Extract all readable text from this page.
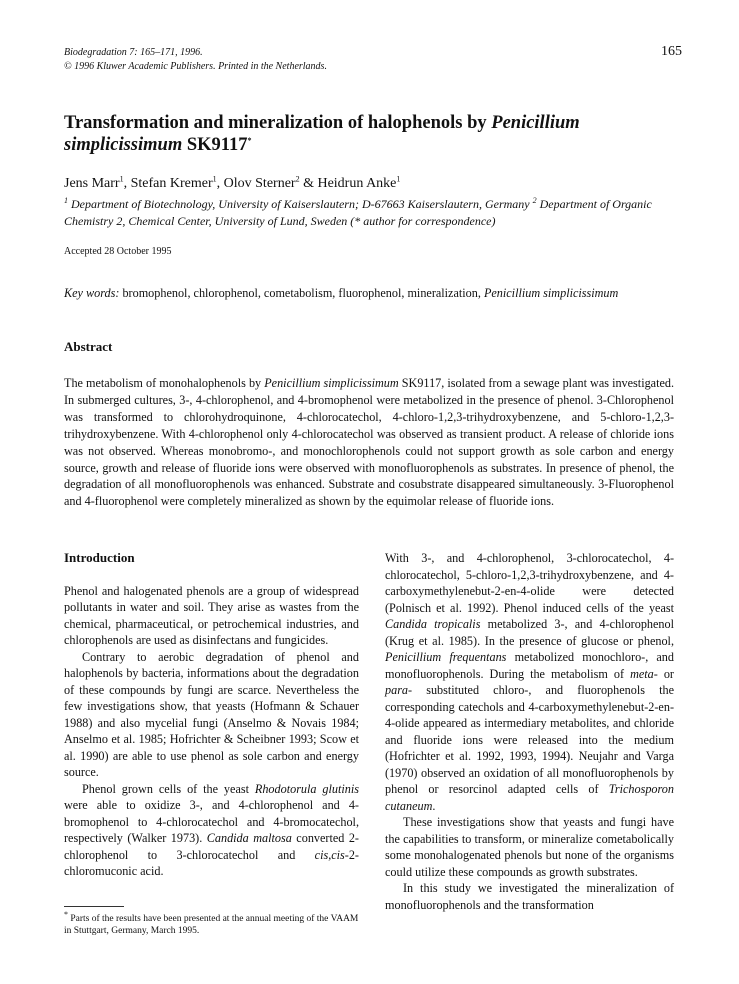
Biodegradation 7: 165–171, 1996.
© 1996 Kluwer Academic Publishers. Printed in the Netherlands.
165
Transformation and mineralization of halophenols by Penicillium simplicissimum SK9117*
Jens Marr$^1$, Stefan Kremer$^1$, Olov Sterner$^2$ & Heidrun Anke$^1$
$^1$ Department of Biotechnology, University of Kaiserslautern; D-67663 Kaiserslautern, Germany $^2$ Department of Organic Chemistry 2, Chemical Center, University of Lund, Sweden (* author for correspondence)
Accepted 28 October 1995
Key words: bromophenol, chlorophenol, cometabolism, fluorophenol, mineralization, Penicillium simplicissimum
Abstract
The metabolism of monohalophenols by Penicillium simplicissimum SK9117, isolated from a sewage plant was investigated. In submerged cultures, 3-, 4-chlorophenol, and 4-bromophenol were metabolized in the presence of phenol. 3-Chlorophenol was transformed to chlorohydroquinone, 4-chlorocatechol, 4-chloro-1,2,3-trihydroxybenzene, and 5-chloro-1,2,3-trihydroxybenzene. With 4-chlorophenol only 4-chlorocatechol was observed as transient product. A release of chloride ions was not observed. Whereas monobromo-, and monochlorophenols could not support growth as sole carbon and energy source, growth and release of fluoride ions were observed with monofluorophenols as substrates. In presence of phenol, the degradation of all monofluorophenols was enhanced. Substrate and cosubstrate disappeared simultaneously. 3-Fluorophenol and 4-fluorophenol were completely mineralized as shown by the equimolar release of fluoride ions.
Introduction

Phenol and halogenated phenols are a group of widespread pollutants in water and soil. They arise as wastes from the chemical, pharmaceutical, or petrochemical industries, and chlorophenols are used as disinfectans and fungicides.

Contrary to aerobic degradation of phenol and halophenols by bacteria, informations about the degradation of these compounds by fungi are scarce. Nevertheless the few investigations show, that yeasts (Hofmann & Schauer 1988) and also mycelial fungi (Anselmo & Novais 1984; Anselmo et al. 1985; Hofrichter & Scheibner 1993; Scow et al. 1990) are able to use phenol as sole carbon and energy source.

Phenol grown cells of the yeast Rhodotorula glutinis were able to oxidize 3-, and 4-chlorophenol and 4-bromophenol to 4-chlorocatechol and 4-bromocatechol, respectively (Walker 1973). Candida maltosa converted 2-chlorophenol to 3-chlorocatechol and cis,cis-2-chloromuconic acid.

* Parts of the results have been presented at the annual meeting of the VAAM in Stuttgart, Germany, March 1995.

With 3-, and 4-chlorophenol, 3-chlorocatechol, 4-chlorocatechol, 5-chloro-1,2,3-trihydroxybenzene, and 4-carboxymethylenebut-2-en-4-olide were detected (Polnisch et al. 1992). Phenol induced cells of the yeast Candida tropicalis metabolized 3-, and 4-chlorophenol (Krug et al. 1985). In the presence of glucose or phenol, Penicillium frequentans metabolized monochloro-, and monofluorophenols. During the metabolism of meta- or para- substituted chloro-, and fluorophenols the corresponding catechols and 4-carboxymethylenebut-2-en-4-olide appeared as intermediary metabolites, and chloride and fluoride ions were released into the medium (Hofrichter et al. 1992, 1993, 1994). Neujahr and Varga (1970) observed an oxidation of all monofluorophenols by phenol or resorcinol adapted cells of Trichosporon cutaneum.

These investigations show that yeasts and fungi have the capabilities to transform, or mineralize cometabolically some monohalogenated phenols but none of the organisms could utilize these compounds as growth substrates.

In this study we investigated the mineralization of monofluorophenols and the transformation
